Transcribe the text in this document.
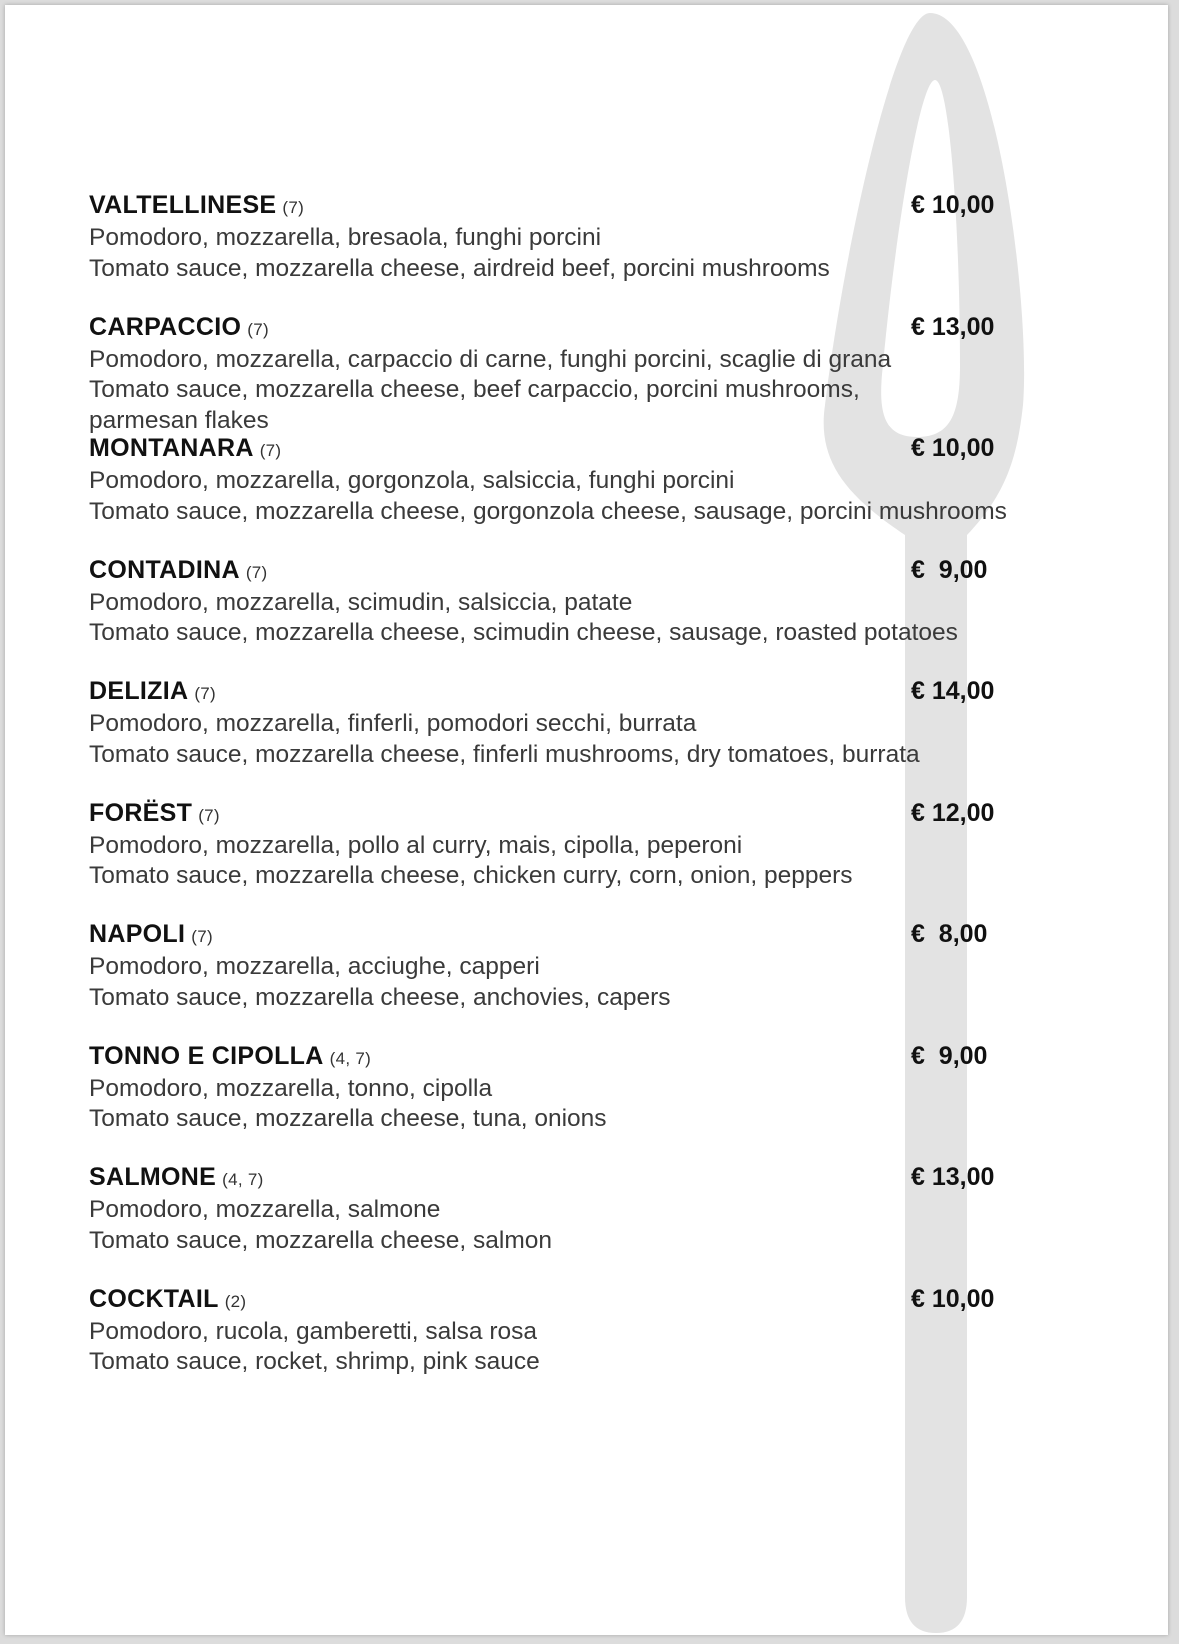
VALTELLINESE (7)	€ 10,00
Pomodoro, mozzarella, bresaola, funghi porcini
Tomato sauce, mozzarella cheese, airdreid beef, porcini mushrooms
CARPACCIO (7)	€ 13,00
Pomodoro, mozzarella, carpaccio di carne, funghi porcini, scaglie di grana
Tomato sauce, mozzarella cheese, beef carpaccio, porcini mushrooms, parmesan flakes
MONTANARA (7)	€ 10,00
Pomodoro, mozzarella, gorgonzola, salsiccia, funghi porcini
Tomato sauce, mozzarella cheese, gorgonzola cheese, sausage, porcini mushrooms
CONTADINA (7)	€  9,00
Pomodoro, mozzarella, scimudin, salsiccia, patate
Tomato sauce, mozzarella cheese, scimudin cheese, sausage, roasted potatoes
DELIZIA (7)	€ 14,00
Pomodoro, mozzarella, finferli, pomodori secchi, burrata
Tomato sauce, mozzarella cheese, finferli mushrooms, dry tomatoes, burrata
FORËST (7)	€ 12,00
Pomodoro, mozzarella, pollo al curry, mais, cipolla, peperoni
Tomato sauce, mozzarella cheese, chicken curry, corn, onion, peppers
NAPOLI (7)	€  8,00
Pomodoro, mozzarella, acciughe, capperi
Tomato sauce, mozzarella cheese, anchovies, capers
TONNO E CIPOLLA (4, 7)	€  9,00
Pomodoro, mozzarella, tonno, cipolla
Tomato sauce, mozzarella cheese, tuna, onions
SALMONE (4, 7)	€ 13,00
Pomodoro, mozzarella, salmone
Tomato sauce, mozzarella cheese, salmon
COCKTAIL (2)	€ 10,00
Pomodoro, rucola, gamberetti, salsa rosa
Tomato sauce, rocket, shrimp, pink sauce
